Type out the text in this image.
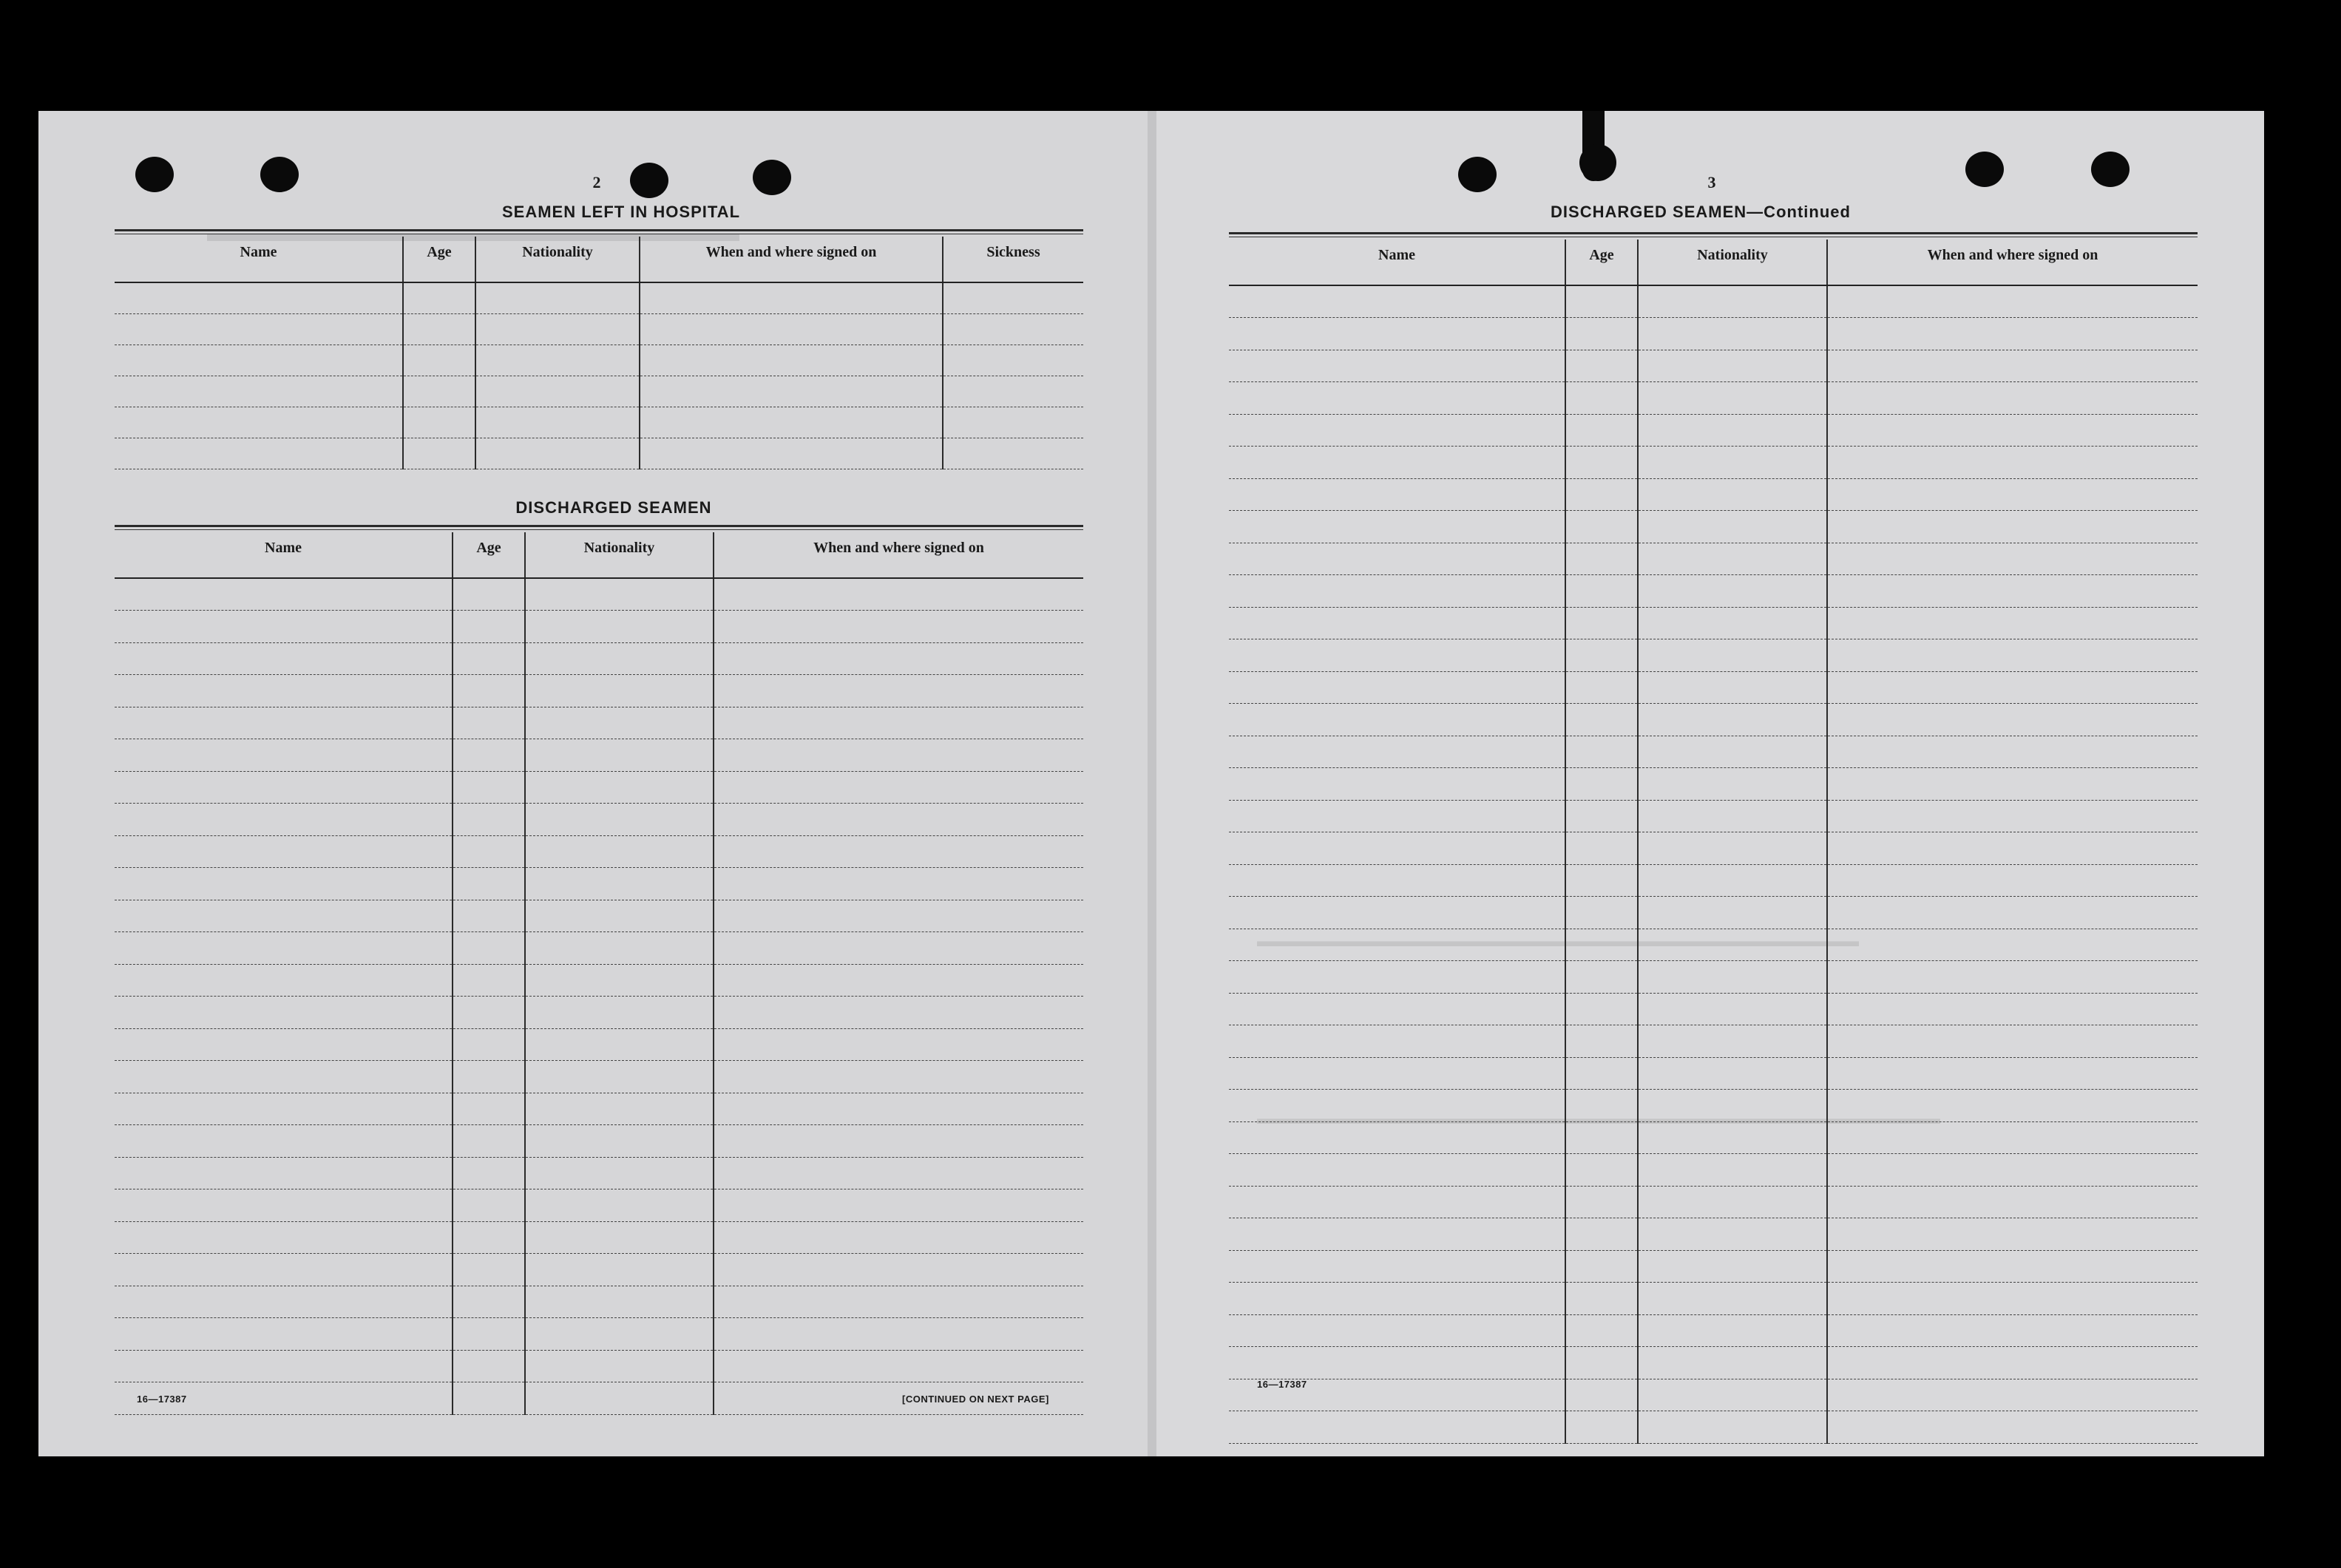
▬▬▬▬▬▬▬▬▬▬▬▬▬▬▬▬▬▬▬▬▬▬▬▬▬▬▬▬▬▬▬▬▬▬▬▬▬
▬▬▬▬▬▬▬▬▬▬▬▬▬▬▬▬▬▬▬▬▬▬▬▬▬▬▬▬▬▬▬▬▬▬▬▬▬▬▬▬▬▬
2
SEAMEN LEFT IN HOSPITAL
Name	Age	Nationality	When and where signed on	Sickness

DISCHARGED SEAMEN
Name	Age	Nationality	When and where signed on

16—17387	[CONTINUED ON NEXT PAGE]
3
DISCHARGED SEAMEN—Continued
Name	Age	Nationality	When and where signed on

16—17387
